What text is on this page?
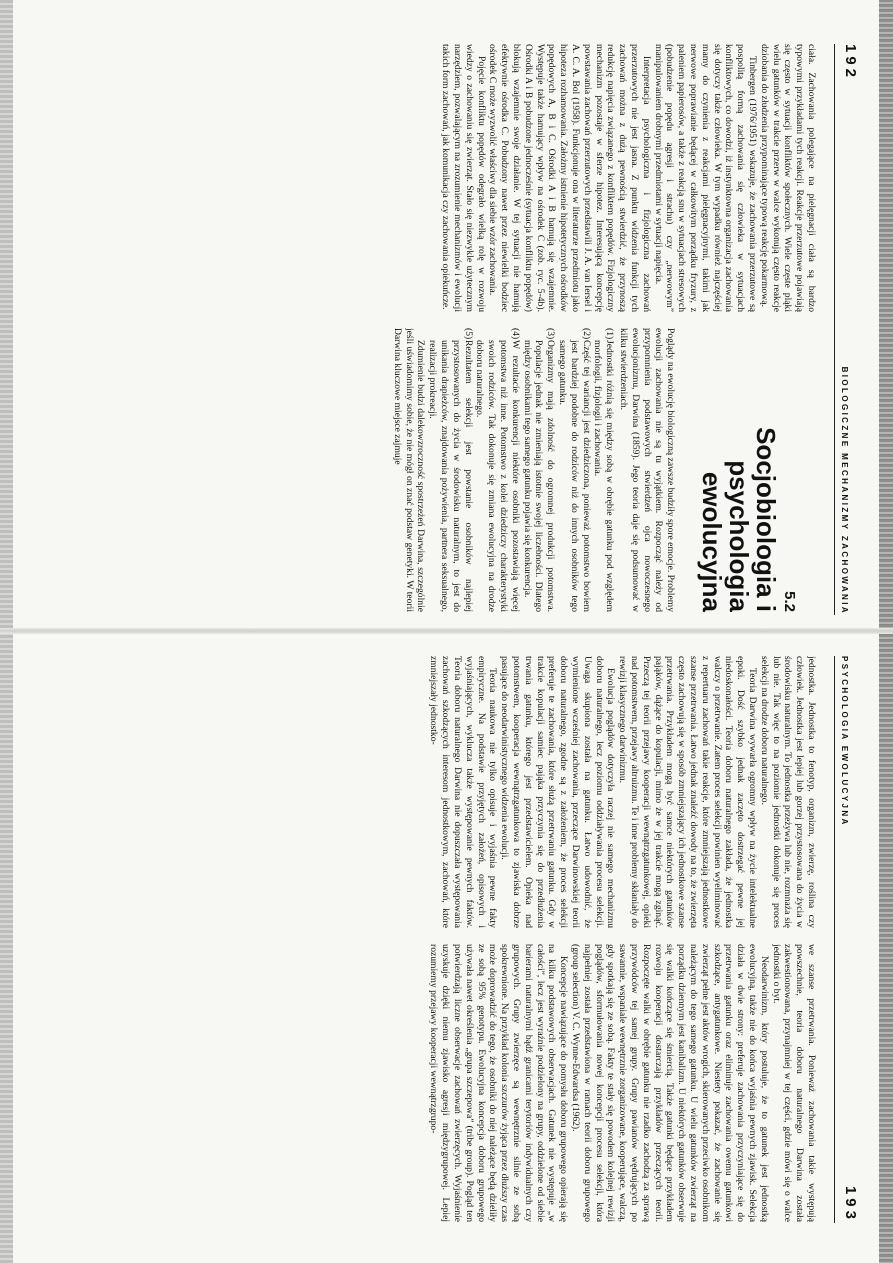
192
BIOLOGICZNE MECHANIZMY ZACHOWANIA

ciała. Zachowania polegające na pielęgnacji ciała są bardzo typowymi przykładami tych reakcji. Reakcje przerzutowe pojawiają się często w sytuacji konfliktów społecznych. Wiele częste pląki wielu gatunków w trakcie przerw w walce wykonują często reakcje dziobania do złudzenia przypominające typową reakcję pokarmową.

Tinbergen (1976/1951) wskazuje, że zachowania przerzutowe są pospolitą formą zachowania się człowieka w sytuacjach konfliktowych, co dowodzi, iż instynktowna organizacja zachowania się dotyczy także człowieka. W tym wypadku również najczęściej mamy do czynienia z reakcjami pielęgnacyjnymi, takimi jak nerwowe poprawianie będącej w całkowitym porządku fryzury, z paleniem papierosów, a także z reakcją snu w sytuacjach stresowych (pobudzenie popędu agresji i strachu) czy „nerwowym” manipulowaniem drobnymi przedmiotami w sytuacji napięcia.

Interpretacja psychologiczna i fizjologiczna zachowań przerzutowych nie jest jasna. Z punktu widzenia funkcji tych zachowań można z dużą pewnością stwierdzić, że przynoszą redukcję napięcia związanego z konfliktem popędów. Fizjologiczny mechanizm pozostaje w sferze hipotez. Interesującą koncepcję powstawania zachowań przerzutowych przedstawili J. A. van Iersel i A. C. A. Bol (1958). Funkcjonuje ona w literaturze przedmiotu jako hipoteza rozhamowania. Założmy istnienie hipotetycznych ośrodków popędowych A, B i C. Ośrodki A i B hamują się wzajemnie. Występuje także hamujący wpływ na ośrodek C (zob. ryc. 5-4b). Ośrodki A i B pobudzone jednocześnie (sytuacja konfliktu popędów) blokują wzajemnie swoje działanie. W tej sytuacji nie hamują efektywnie ośrodka C. Pobudzony nawet przez niewielki bodziec ośrodek C może wyzwolić właściwy dla siebie wzór zachowania.

Pojęcie konfliktu popędów odegrało wielką rolę w rozwoju wiedzy o zachowaniu się zwierząt. Stało się niezwykle użytecznym narzędziem, pozwalającym na zrozumienie mechanizmów i ewolucji takich form zachowań, jak komunikacja czy zachowania opiekuńcze.

5.2
Socjobiologia i psychologia ewolucyjna

Poglądy na ewolucję biologiczną zawsze budziły spore emocje. Problemy ewolucji zachowania nie są tu wyjątkiem. Rozpocząć należy od przypomnienia podstawowych stwierdzeń ojca nowoczesnego ewolucjonizmu, Darwina (1859). Jego teoria daje się podsumować w kilku stwierdzeniach.

(1)
Jednostki różnią się między sobą w obrębie gatunku pod względem morfologii, fizjologii i zachowania.
(2)
Część tej wariancji jest dziedziczona, ponieważ potomstwo bowiem jest bardziej podobne do rodziców niż do innych osobników tego samego gatunku.
(3)
Organizmy mają zdolność do ogromnej produkcji potomstwa. Populacje jednak nie zmieniają istotnie swojej liczebności. Dlatego między osobnikami tego samego gatunku pojawia się konkurencja.
(4)
W rezultacie konkurencji niektóre osobniki pozostawiają więcej potomstwa niż inne. Potomstwo z kolei dziedziczy charakterystyki swoich rodziców. Tak dokonuje się zmiana ewolucyjna na drodze doboru naturalnego.
(5)
Rezultatem selekcji jest powstanie osobników najlepiej przystosowanych do życia w środowisku naturalnym, to jest do unikania drapieżców, znajdowania pożywienia, partnera seksualnego, realizacji prokreacji.

Zdumienie budzi dalekowzroczność spostrzeżeń Darwina, szczególnie jeśli uświadomimy sobie, że nie mógł on znać podstaw genetyki. W teorii Darwina kluczowe miejsce zajmuje

PSYCHOLOGIA EWOLUCYJNA
193

jednostka. Jednostka to fenotyp, organizm, zwierzę, roślina czy człowiek. Jednostka jest lepiej lub gorzej przystosowana do życia w środowisku naturalnym. To jednostka przeżywa lub nie, rozmnaża się lub nie. Tak więc to na poziomie jednostki dokonuje się proces selekcji na drodze doboru naturalnego.

Teoria Darwina wywarła ogromny wpływ na życie intelektualne epoki. Dość szybko jednak zaczęto dostrzegać pewne jej niedoskonałości. Teoria doboru naturalnego zakłada, że jednostka walczy o przetrwanie. Zatem proces selekcji powinien wyeliminować z repertuaru zachowań takie reakcje, które zmniejszają jednostkowe szanse przetrwania. Łatwo jednak znaleźć dowody na to, że zwierzęta często zachowują się w sposób zmniejszający ich jednostkowe szanse przetrwania. Przykładem mogą być samce niektórych gatunków pająków, dążące do kopulacji, mimo że w jej trakcie mogą zginąć. Przeczą tej teorii przejawy kooperacji wewnątrzgatunkowej, opieki nad potomstwem, przejawy altruizmu. Te i inne problemy skłaniały do rewizji klasycznego darwinizmu.

Ewolucja poglądów dotyczyła raczej nie samego mechanizmu doboru naturalnego, lecz poziomu oddziaływania procesu selekcji. Uwaga skupiona została na gatunku. Łatwo udowodnić, że wymienione wcześniej zachowania, przeczące Darwinowskiej teorii doboru naturalnego, zgodne są z założeniem, że proces selekcji preferuje te zachowania, które służą przetrwaniu gatunku. Gdy w trakcie kopulacji samiec pająka przyczynia się do przedłużenia trwania gatunku, którego jest przedstawicielem. Opieka nad potomstwem, kooperacja wewnątrzgatunkowa to zjawiska dobrze pasujące do neodarwinistycznego widzenia ewolucji.

Teoria naukowa nie tylko opisuje i wyjaśnia pewne fakty empiryczne. Na podstawie przyjętych założeń, opisowych i wyjaśniających, wyklucza także występowanie pewnych faktów. Teoria doboru naturalnego Darwina nie dopuszczała występowania zachowań szkodzących interesom jednostkowym, zachowań, które zmniejszały jednostko-

we szanse przetrwania. Ponieważ zachowania takie występują powszechnie, teoria doboru naturalnego Darwina została zakwestionowana, przynajmniej w tej części, gdzie mówi się o walce jednostki o byt.

Neodarwinizm, który postuluje, że to gatunek jest jednostką ewolucyjną, także nie do końca wyjaśnia pewnych zjawisk. Selekcja działa w dwie strony: preferuje zachowania przyczyniające się do przetrwania gatunku oraz eliminuje zachowania owemu gatunkowi szkodzące, antygatunkowe. Niestety pokazać, że zachowanie się zwierząt pełne jest aktów wrogich, skierowanych przeciwko osobnikom należącym do tego samego gatunku. U wielu gatunków zwierząt na porządku dziennym jest kanibalizm. U niektórych gatunków obserwuje się walki kończące się śmiercią. Także gatunki będące przykładem rozwoju kooperacji dostarczają przykładów przeczących teorii. Rozpoczęte walki w obrębie gatunku nie rzadko zachodzą za sprawą przywódców tej samej grupy. Grupy pawianów wędrujących po sawannie, wspaniale wewnętrznie zorganizowane, kooperujące, walczą, gdy spotkają się ze sobą. Fakty te stały się powodem kolejnej rewizji poglądów, sformułowania nowej koncepcji procesu selekcji, która najpełniej została przedstawiona w ramach teorii doboru grupowego (group selection) V. C. Wynne-Edwardsa (1962).

Koncepcje nawiązujące do pomysłu doboru grupowego opierają się na kilku podstawowych obserwacjach. Gatunek nie występuje „w całości”, lecz jest wyraźnie podzielony na grupy, oddzielone od siebie barierami naturalnymi bądź granicami terytoriów indywidualnych czy grupowych. Grupy zwierzęce są wewnętrznie silnie ze sobą spokrewnione. Na przykład kolonia szczurów żyjąca przez dłuższy czas może doprowadzić do tego, że osobniki do niej należące będą dzieliły ze sobą 95% genotypu. Ewolucyjna koncepcja doboru grupowego używała nawet określenia „grupa szczepowa” (tribe group). Pogląd ten potwierdzają liczne obserwacje zachowań zwierzęcych. Wyjaśnienie uzyskuje dzięki niemu zjawisko agresji międzygrupowej. Lepiej rozumiemy przejawy kooperacji wewnątrzgrupo-
